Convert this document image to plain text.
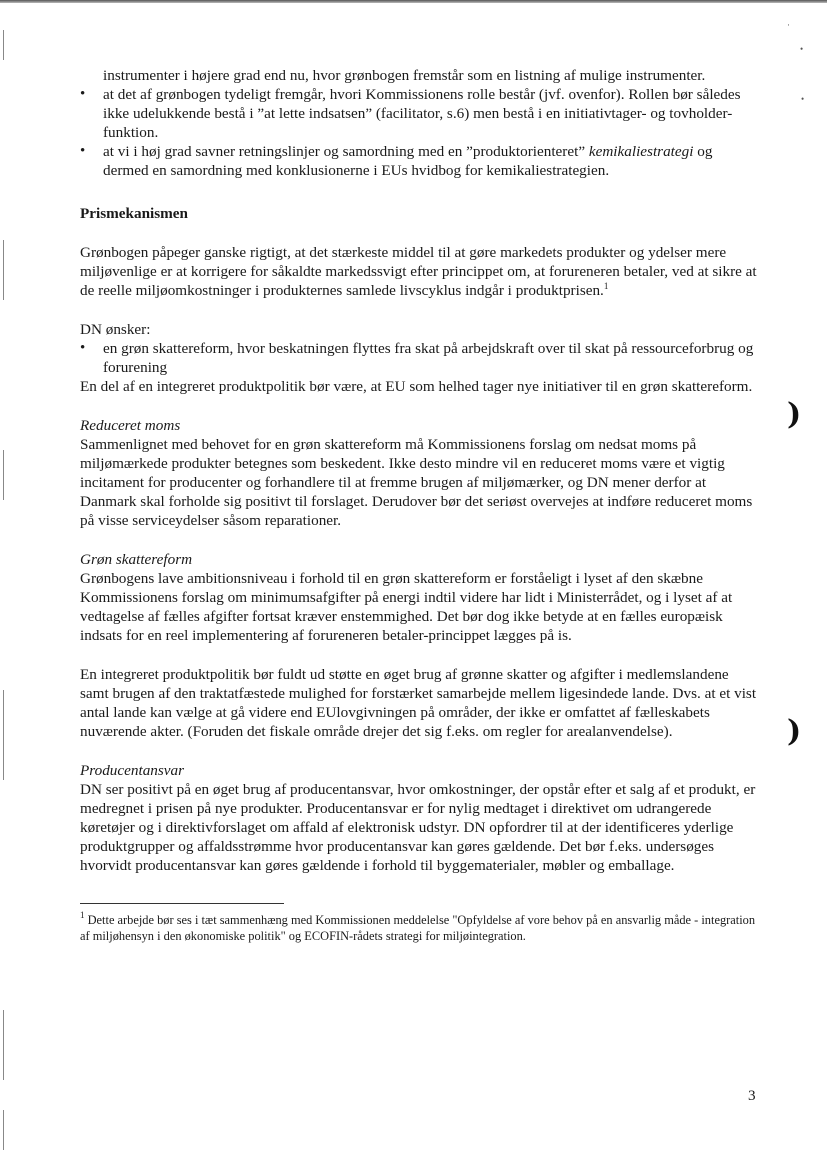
instrumenter i højere grad end nu, hvor grønbogen fremstår som en listning af mulige instrumenter.
• at det af grønbogen tydeligt fremgår, hvori Kommissionens rolle består (jvf. ovenfor). Rollen bør således ikke udelukkende bestå i ”at lette indsatsen” (facilitator, s.6) men bestå i en initiativtager- og tovholder-funktion.
• at vi i høj grad savner retningslinjer og samordning med en ”produktorienteret” kemikaliestrategi og dermed en samordning med konklusionerne i EUs hvidbog for kemikaliestrategien.

Prismekanismen

Grønbogen påpeger ganske rigtigt, at det stærkeste middel til at gøre markedets produkter og ydelser mere miljøvenlige er at korrigere for såkaldte markedssvigt efter princippet om, at forureneren betaler, ved at sikre at de reelle miljøomkostninger i produkternes samlede livscyklus indgår i produktprisen.$^1$

DN ønsker:

• en grøn skattereform, hvor beskatningen flyttes fra skat på arbejdskraft over til skat på ressourceforbrug og forurening

En del af en integreret produktpolitik bør være, at EU som helhed tager nye initiativer til en grøn skattereform.

Reduceret moms

Sammenlignet med behovet for en grøn skattereform må Kommissionens forslag om nedsat moms på miljømærkede produkter betegnes som beskedent. Ikke desto mindre vil en reduceret moms være et vigtig incitament for producenter og forhandlere til at fremme brugen af miljømærker, og DN mener derfor at Danmark skal forholde sig positivt til forslaget. Derudover bør det seriøst overvejes at indføre reduceret moms på visse serviceydelser såsom reparationer.

Grøn skattereform

Grønbogens lave ambitionsniveau i forhold til en grøn skattereform er forståeligt i lyset af den skæbne Kommissionens forslag om minimumsafgifter på energi indtil videre har lidt i Ministerrådet, og i lyset af at vedtagelse af fælles afgifter fortsat kræver enstemmighed. Det bør dog ikke betyde at en fælles europæisk indsats for en reel implementering af forureneren betaler-princippet lægges på is.

En integreret produktpolitik bør fuldt ud støtte en øget brug af grønne skatter og afgifter i medlemslandene samt brugen af den traktatfæstede mulighed for forstærket samarbejde mellem ligesindede lande. Dvs. at et vist antal lande kan vælge at gå videre end EUlovgivningen på områder, der ikke er omfattet af fælleskabets nuværende akter. (Foruden det fiskale område drejer det sig f.eks. om regler for arealanvendelse).

Producentansvar

DN ser positivt på en øget brug af producentansvar, hvor omkostninger, der opstår efter et salg af et produkt, er medregnet i prisen på nye produkter. Producentansvar er for nylig medtaget i direktivet om udrangerede køretøjer og i direktivforslaget om affald af elektronisk udstyr. DN opfordrer til at der identificeres yderlige produktgrupper og affaldsstrømme hvor producentansvar kan gøres gældende. Det bør f.eks. undersøges hvorvidt producentansvar kan gøres gældende i forhold til byggematerialer, møbler og emballage.

$^1$ Dette arbejde bør ses i tæt sammenhæng med Kommissionen meddelelse "Opfyldelse af vore behov på en ansvarlig måde - integration af miljøhensyn i den økonomiske politik" og ECOFIN-rådets strategi for miljøintegration.

3
)
)
•
•
·
